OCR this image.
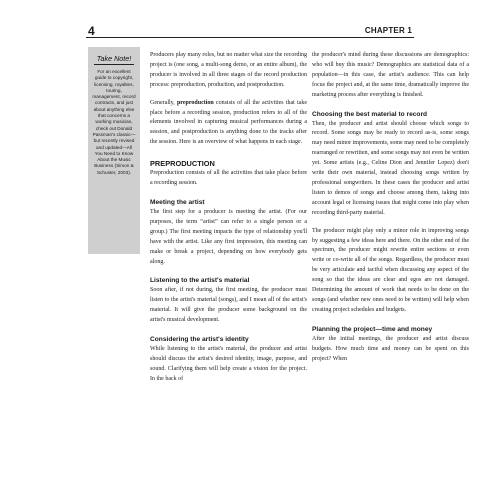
4	CHAPTER 1
Take Note!
For an excellent guide to copyright, licensing, royalties, touring, management, record contracts, and just about anything else that concerns a working musician, check out Donald Passman's classic—but recently revised and updated—All You Need to Know About the Music Business (Simon & Schuster, 2003).

Producers play many roles, but no matter what size the recording project is (one song, a multi-song demo, or an entire album), the producer is involved in all three stages of the record production process: preproduction, production, and postproduction.

Generally, preproduction consists of all the activities that take place before a recording session, production refers to all of the elements involved in capturing musical performances during a session, and postproduction is anything done to the tracks after the session. Here is an overview of what happens in each stage.

PREPRODUCTION

Preproduction consists of all the activities that take place before a recording session.

Meeting the artist

The first step for a producer is meeting the artist. (For our purposes, the term “artist” can refer to a single person or a group.) The first meeting impacts the type of relationship you'll have with the artist. Like any first impression, this meeting can make or break a project, depending on how everybody gets along.

Listening to the artist's material

Soon after, if not during, the first meeting, the producer must listen to the artist's material (songs), and I mean all of the artist's material. It will give the producer some background on the artist's musical development.

Considering the artist's identity

While listening to the artist's material, the producer and artist should discuss the artist's desired identity, image, purpose, and sound. Clarifying them will help create a vision for the project. In the back of

the producer's mind during these discussions are demographics: who will buy this music? Demographics are statistical data of a population—in this case, the artist's audience. This can help focus the project and, at the same time, dramatically improve the marketing process after everything is finished.

Choosing the best material to record

Then, the producer and artist should choose which songs to record. Some songs may be ready to record as-is, some songs may need minor improvements, some may need to be completely rearranged or rewritten, and some songs may not even be written yet. Some artists (e.g., Celine Dion and Jennifer Lopez) don't write their own material, instead choosing songs written by professional songwriters. In these cases the producer and artist listen to demos of songs and choose among them, taking into account legal or licensing issues that might come into play when recording third-party material.

The producer might play only a minor role in improving songs by suggesting a few ideas here and there. On the other end of the spectrum, the producer might rewrite entire sections or even write or co-write all of the songs. Regardless, the producer must be very articulate and tactful when discussing any aspect of the song so that the ideas are clear and egos are not damaged. Determining the amount of work that needs to be done on the songs (and whether new ones need to be written) will help when creating project schedules and budgets.

Planning the project—time and money

After the initial meetings, the producer and artist discuss budgets. How much time and money can be spent on this project? When
